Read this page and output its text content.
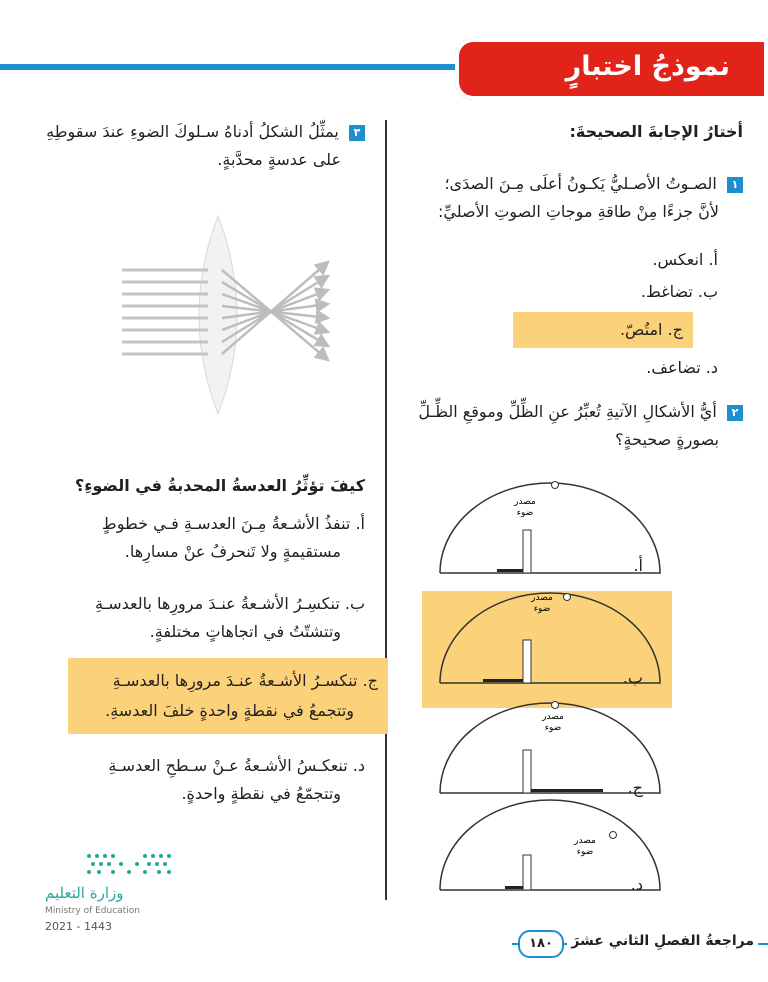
نموذجُ اختبارٍ
أختارُ الإجابةَ الصحيحةَ:
١  الصـوتُ الأصـليُّ يَكـونُ أعلَى مِـنَ الصدَى؛
لأنَّ جزءًا مِنْ طاقةِ موجاتِ الصوتِ الأصليِّ:
أ. انعكس.
ب. تضاغط.
ج. امتُصّ.
د. تضاعف.
٢  أيُّ الأشكالِ الآتيةِ تُعبِّرُ عنِ الظِّلِّ وموقعِ الظِّـلِّ
بصورةٍ صحيحةٍ؟
مصدر
ضوء
أ.
مصدر
ضوء
ب.
مصدر
ضوء
ج.
مصدر
ضوء
د.
٣  يمثِّلُ الشكلُ أدناهُ سـلوكَ الضوءِ عندَ سقوطِهِ
على عدسةٍ محدَّبةٍ.
كيفَ تؤثِّرُ العدسةُ المحدبةُ في الضوءِ؟
أ. تنفذُ الأشـعةُ مِـنَ العدسـةِ فـي خطوطٍ
مستقيمةٍ ولا تَنحرفُ عنْ مسارِها.
ب. تنكسِـرُ الأشـعةُ عنـدَ مرورِها بالعدسـةِ
وتتشتّتُ في اتجاهاتٍ مختلفةٍ.
ج. تنكسـرُ الأشـعةُ عنـدَ مرورِها بالعدسـةِ
وتتجمعُ في نقطةٍ واحدةٍ خلفَ العدسةِ.
د. تنعكـسُ الأشـعةُ عـنْ سـطحِ العدسـةِ
وتتجمّعُ في نقطةٍ واحدةٍ.
وزارة التعليم
Ministry of Education
2021 - 1443
١٨٠	مراجعةُ الفصلِ الثاني عشرَ
